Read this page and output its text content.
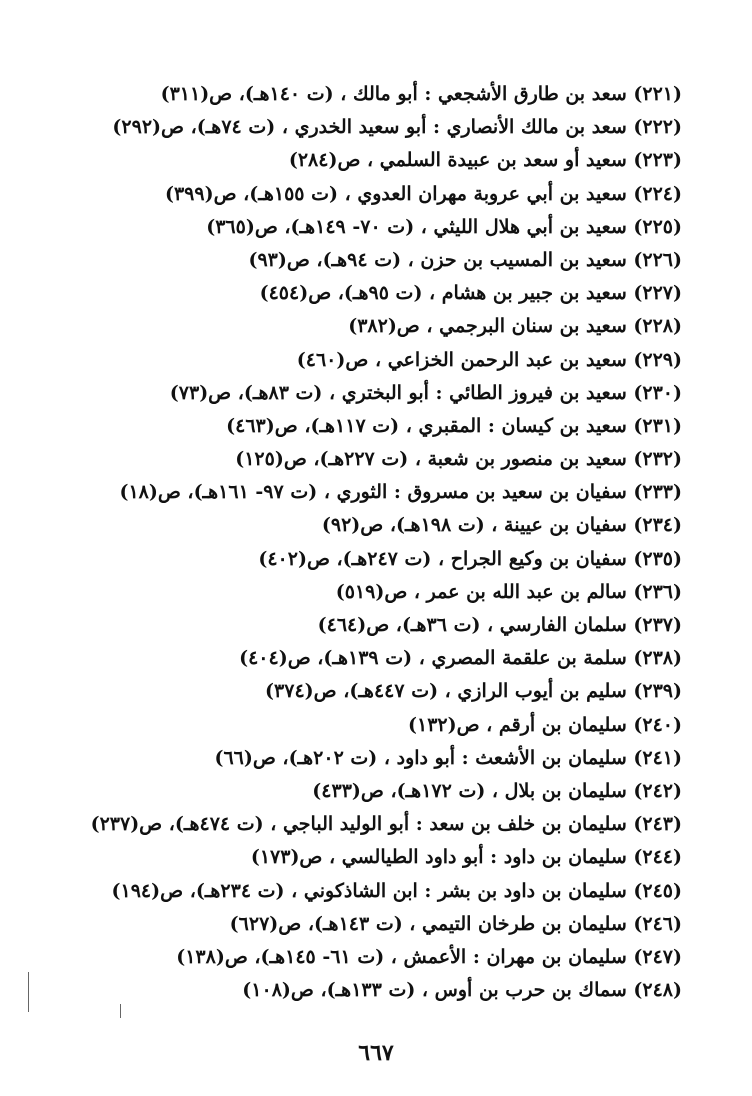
(٢٢١) سعد بن طارق الأشجعي : أبو مالك ، (ت ١٤٠هـ)، ص(٣١١)
(٢٢٢) سعد بن مالك الأنصاري : أبو سعيد الخدري ، (ت ٧٤هـ)، ص(٢٩٢)
(٢٢٣) سعيد أو سعد بن عبيدة السلمي ، ص(٢٨٤)
(٢٢٤) سعيد بن أبي عروبة مهران العدوي ، (ت ١٥٥هـ)، ص(٣٩٩)
(٢٢٥) سعيد بن أبي هلال الليثي ، (ت ٧٠- ١٤٩هـ)، ص(٣٦٥)
(٢٢٦) سعيد بن المسيب بن حزن ، (ت ٩٤هـ)، ص(٩٣)
(٢٢٧) سعيد بن جبير بن هشام ، (ت ٩٥هـ)، ص(٤٥٤)
(٢٢٨) سعيد بن سنان البرجمي ، ص(٣٨٢)
(٢٢٩) سعيد بن عبد الرحمن الخزاعي ، ص(٤٦٠)
(٢٣٠) سعيد بن فيروز الطائي : أبو البختري ، (ت ٨٣هـ)، ص(٧٣)
(٢٣١) سعيد بن كيسان : المقبري ، (ت ١١٧هـ)، ص(٤٦٣)
(٢٣٢) سعيد بن منصور بن شعبة ، (ت ٢٢٧هـ)، ص(١٢٥)
(٢٣٣) سفيان بن سعيد بن مسروق : الثوري ، (ت ٩٧- ١٦١هـ)، ص(١٨)
(٢٣٤) سفيان بن عيينة ، (ت ١٩٨هـ)، ص(٩٢)
(٢٣٥) سفيان بن وكيع الجراح ، (ت ٢٤٧هـ)، ص(٤٠٢)
(٢٣٦) سالم بن عبد الله بن عمر ، ص(٥١٩)
(٢٣٧) سلمان الفارسي ، (ت ٣٦هـ)، ص(٤٦٤)
(٢٣٨) سلمة بن علقمة المصري ، (ت ١٣٩هـ)، ص(٤٠٤)
(٢٣٩) سليم بن أيوب الرازي ، (ت ٤٤٧هـ)، ص(٣٧٤)
(٢٤٠) سليمان بن أرقم ، ص(١٣٢)
(٢٤١) سليمان بن الأشعث : أبو داود ، (ت ٢٠٢هـ)، ص(٦٦)
(٢٤٢) سليمان بن بلال ، (ت ١٧٢هـ)، ص(٤٣٣)
(٢٤٣) سليمان بن خلف بن سعد : أبو الوليد الباجي ، (ت ٤٧٤هـ)، ص(٢٣٧)
(٢٤٤) سليمان بن داود : أبو داود الطيالسي ، ص(١٧٣)
(٢٤٥) سليمان بن داود بن بشر : ابن الشاذكوني ، (ت ٢٣٤هـ)، ص(١٩٤)
(٢٤٦) سليمان بن طرخان التيمي ، (ت ١٤٣هـ)، ص(٦٢٧)
(٢٤٧) سليمان بن مهران : الأعمش ، (ت ٦١- ١٤٥هـ)، ص(١٣٨)
(٢٤٨) سماك بن حرب بن أوس ، (ت ١٣٣هـ)، ص(١٠٨)
٦٦٧
